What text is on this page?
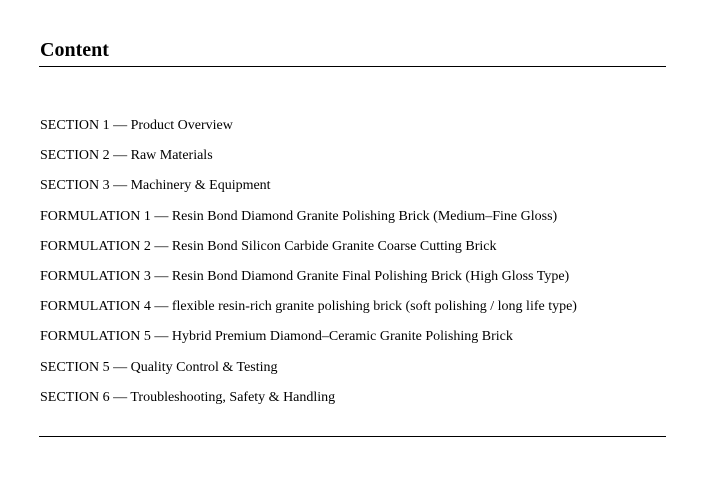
Content
SECTION 1 — Product Overview
SECTION 2 — Raw Materials
SECTION 3 — Machinery & Equipment
FORMULATION 1 — Resin Bond Diamond Granite Polishing Brick (Medium–Fine Gloss)
FORMULATION 2 — Resin Bond Silicon Carbide Granite Coarse Cutting Brick
FORMULATION 3 — Resin Bond Diamond Granite Final Polishing Brick (High Gloss Type)
FORMULATION 4 — flexible resin-rich granite polishing brick (soft polishing / long life type)
FORMULATION 5 — Hybrid Premium Diamond–Ceramic Granite Polishing Brick
SECTION 5 — Quality Control & Testing
SECTION 6 — Troubleshooting, Safety & Handling
